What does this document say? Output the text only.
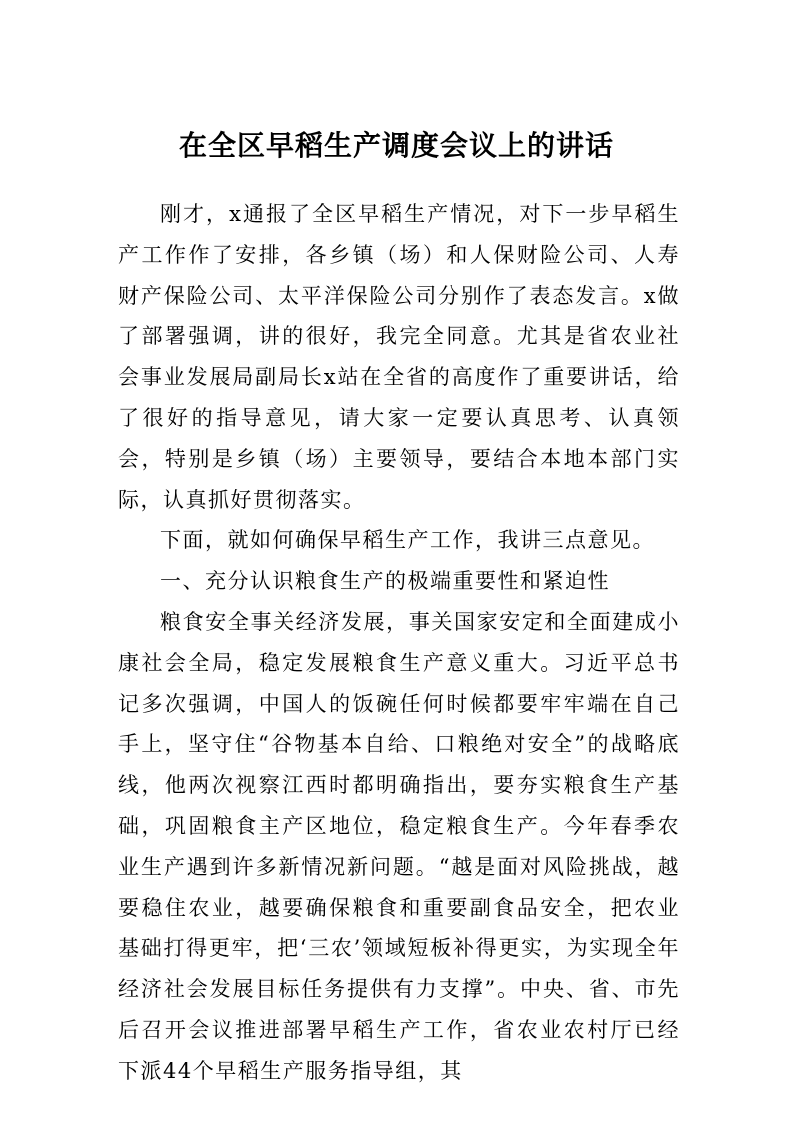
在全区早稻生产调度会议上的讲话

刚才，x通报了全区早稻生产情况，对下一步早稻生产工作作了安排，各乡镇（场）和人保财险公司、人寿财产保险公司、太平洋保险公司分别作了表态发言。x做了部署强调，讲的很好，我完全同意。尤其是省农业社会事业发展局副局长x站在全省的高度作了重要讲话，给了很好的指导意见，请大家一定要认真思考、认真领会，特别是乡镇（场）主要领导，要结合本地本部门实际，认真抓好贯彻落实。

下面，就如何确保早稻生产工作，我讲三点意见。

一、充分认识粮食生产的极端重要性和紧迫性

粮食安全事关经济发展，事关国家安定和全面建成小康社会全局，稳定发展粮食生产意义重大。习近平总书记多次强调，中国人的饭碗任何时候都要牢牢端在自己手上，坚守住“谷物基本自给、口粮绝对安全”的战略底线，他两次视察江西时都明确指出，要夯实粮食生产基础，巩固粮食主产区地位，稳定粮食生产。今年春季农业生产遇到许多新情况新问题。“越是面对风险挑战，越要稳住农业，越要确保粮食和重要副食品安全，把农业基础打得更牢，把‘三农’领域短板补得更实，为实现全年经济社会发展目标任务提供有力支撑”。中央、省、市先后召开会议推进部署早稻生产工作，省农业农村厅已经下派44个早稻生产服务指导组，其
